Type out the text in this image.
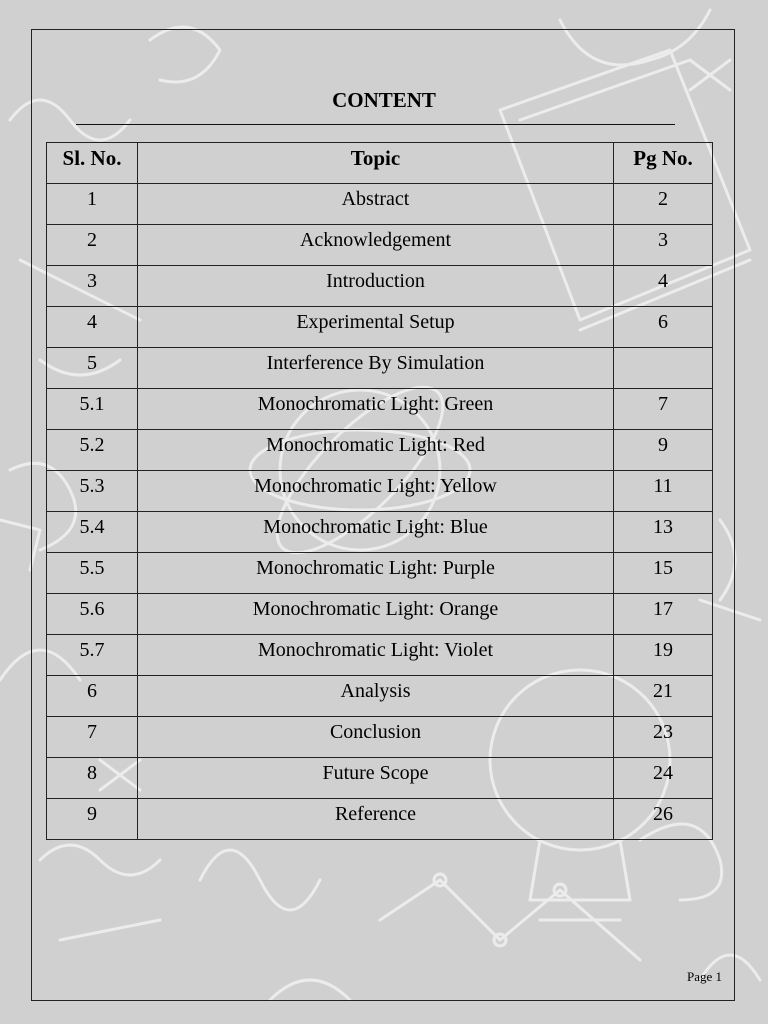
CONTENT
Sl. No.	Topic	Pg No.
1	Abstract	2
2	Acknowledgement	3
3	Introduction	4
4	Experimental Setup	6
5	Interference By Simulation	
5.1	Monochromatic Light: Green	7
5.2	Monochromatic Light: Red	9
5.3	Monochromatic Light: Yellow	11
5.4	Monochromatic Light: Blue	13
5.5	Monochromatic Light: Purple	15
5.6	Monochromatic Light: Orange	17
5.7	Monochromatic Light: Violet	19
6	Analysis	21
7	Conclusion	23
8	Future Scope	24
9	Reference	26
Page 1
